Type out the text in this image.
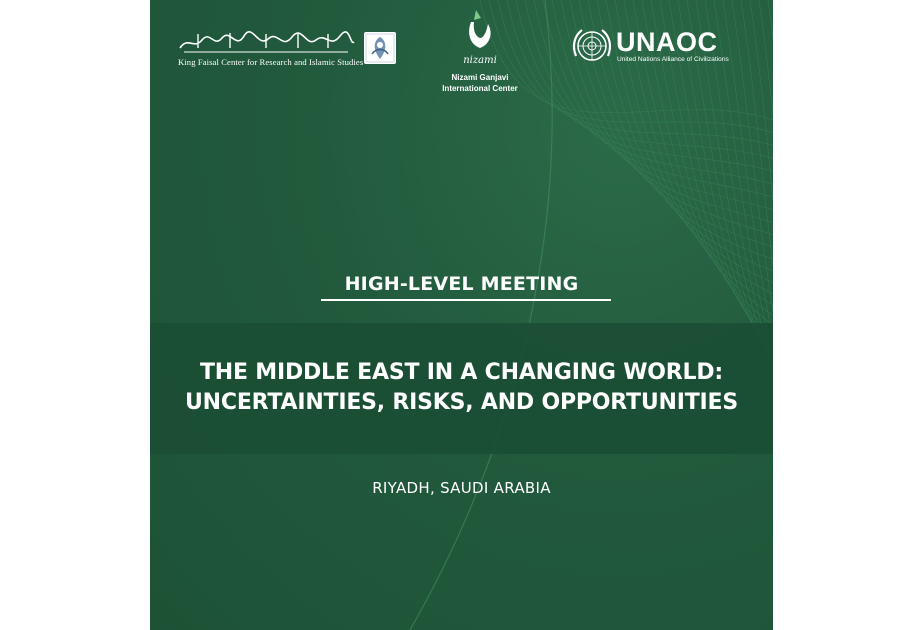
King Faisal Center for Research and Islamic Studies	nizami
Nizami Ganjavi
International Center
UNAOC
United Nations Alliance of Civilizations
HIGH-LEVEL MEETING
THE MIDDLE EAST IN A CHANGING WORLD:
UNCERTAINTIES, RISKS, AND OPPORTUNITIES
RIYADH, SAUDI ARABIA
